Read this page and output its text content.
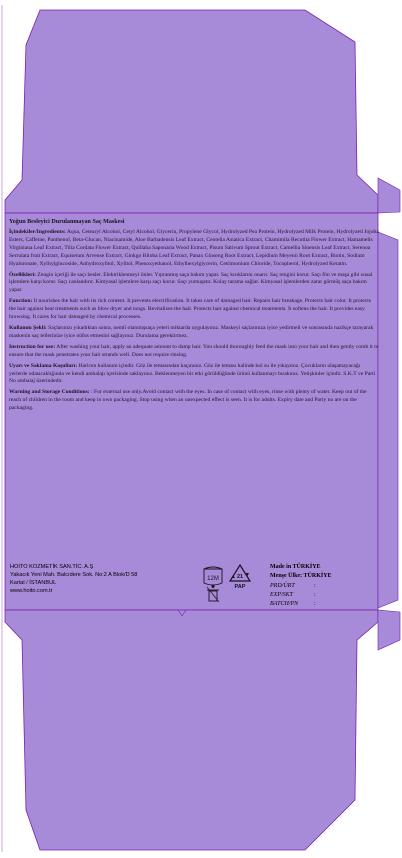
Yoğun Besleyici Durulanmayan Saç Maskesi

İçindekiler/Ingredients: Aqua, Cetearyl Alcohol, Cetyl Alcohol, Glycerin, Propylene Glycol, Hydrolyzed Pea Protein, Hydrolyzed Milk Protein, Hydrolyzed Jojoba Esters, Caffeine, Panthenol, Beta-Glucan, Niacinamide, Aloe Barbadensis Leaf Extract, Centella Asiatica Extract, Chamimila Recutita Flower Extract, Hamamelis Virginiana Leaf Extract, Tilia Cordata Flower Extract, Quillaha Saponaria Wood Extract, Pisum Sativum Sprout Extract, Camellia Sinensis Leaf Extract, Serenoa Serrulata fruit Extract, Equisetum Arvense Extract, Ginkgo Biloba Leaf Extract, Panax Ginseng Root Extract, Lepidium Meyenii Root Extract, Biotin, Sodium Hyaluronate, Xylitylglucoside, Anhydroxylitol, Xylitol, Phenoxyethanol, Ethylhexylglycerin, Cetrimonium Chloride, Tocopherol, Hydrolyzed Keratin.

Özellikleri: Zengin içeriği ile saçı besler. Elektriklenmeyi önler. Yıpranmış saça bakım yapar. Saç kırıklarını onarır. Saç rengini korur. Saçı fön ve maşa gibi ısısal işlemlere karşı korur. Saçı canlandırır. Kimyasal işlemlere karşı saçı korur. Saçı yumuşatır. Kolay tarama sağlar. Kimyasal işlemlerden zarar görmüş saça bakım yapar.

Function: It nourishes the hair with its rich content. It prevents electrification. It takes care of damaged hair. Repairs hair breakage. Protects hair color. It protects the hair against heat treatments such as blow dryer and tongs. Revitalizes the hair. Protects hair against chemical treatments. It softens the hair. It provides easy browsing. It cares for hair damaged by chemical processes.

Kullanım Şekli: Saçlarınızı yıkadıktan sonra, nemli olanmışsaça yeteri miktarda uygulayınız. Maskeyi saçlarınıza iyice yedirmeli ve sonrasında nazikçe tarayarak maskenin saç tellerinize iyice nüfus etmesini sağlayınız. Durulama gerektirmez.

Instruction for use: After washing your hair, apply an adequate amount to damp hair. You should thoroughly feed the mask into your hair and then gently comb it to ensure that the mask penetrates your hair strands well. Does not require rinsing.

Uyarı ve Saklama Koşulları: Haricen kullanım içindir. Göz ile temasından kaçınınız. Göz ile teması halinde bol su ile yıkayınız. Çocukların ulaşamayacağı yerlerde odasıcaklığında ve kendi ambalajı içerisinde saklayınız. Beklenmeyen bir etki görüldüğünde ürünü kullanmayı bırakınız. Yetişkinler içindir. S.K.T ve Parti No ambalaj üzerindedir.

Warning and Storage Conditions: : For external use only.Avoid contact with the eyes. In case of contact with eyes, rinse with plenty of water. Keep out of the reach of children in the room and keep in own packaging. Stop using when an unexpected effect is seen. It is for adults. Expiry date and Party no are on the packaging.

HOITO KOZMETİK SAN.TİC. A.Ş
Yakacık Yeni Mah. Balcıdere Sok. No:2 A Blok/D 58
Kartal / İSTANBUL
www.hoito.com.tr
12M	21
PAP
Made in TÜRKİYE
Menşe Ülke: TÜRKİYE
PRD/ÜRT	:
EXP/SKT	:
BATCH/PN	:
